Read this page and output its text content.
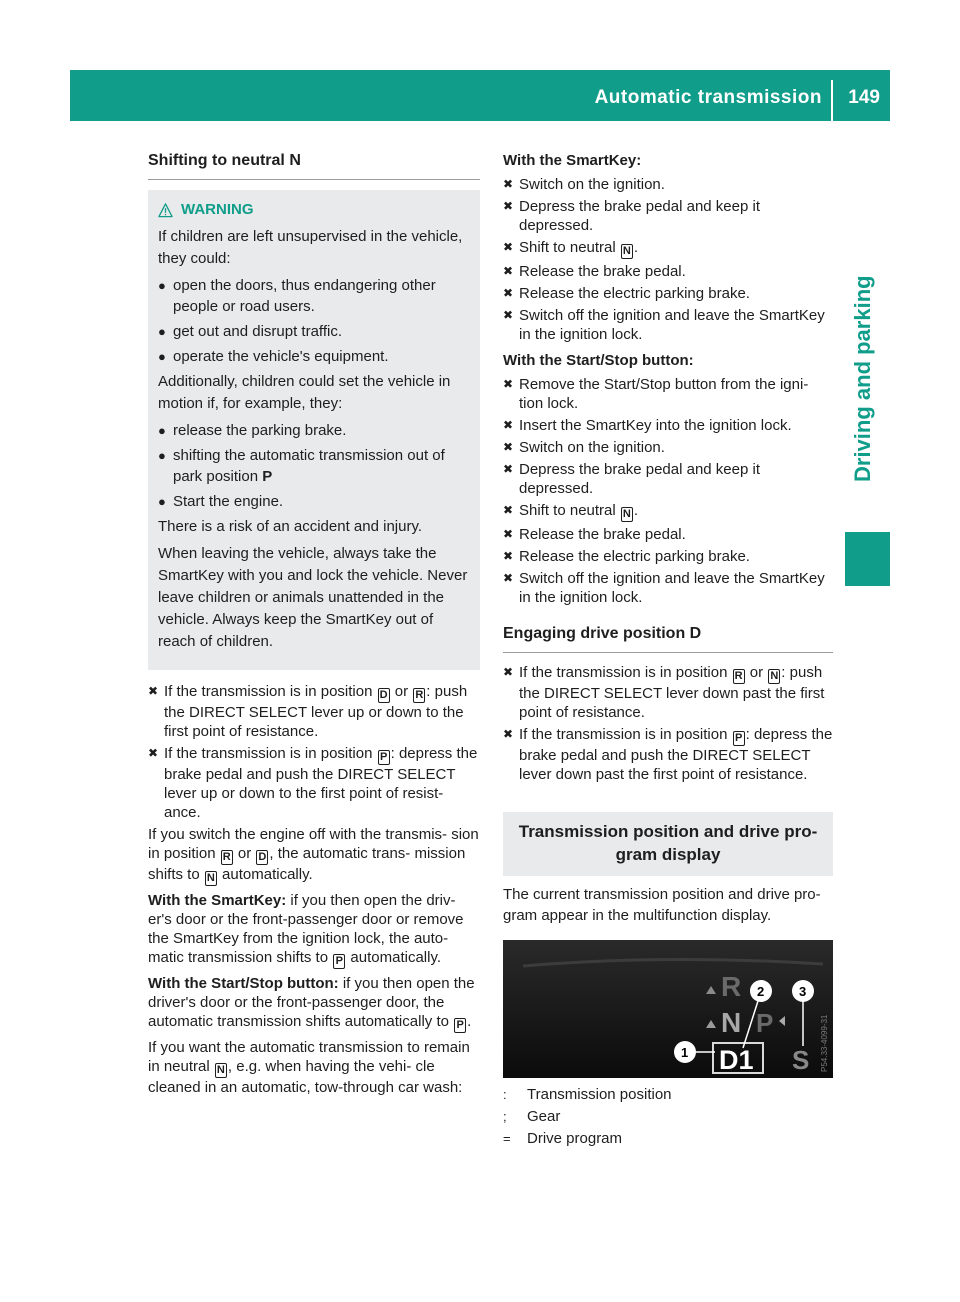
Automatic transmission 149
Driving and parking
Shifting to neutral N
WARNING

If children are left unsupervised in the vehicle, they could:

● open the doors, thus endangering other people or road users.
● get out and disrupt traffic.
● operate the vehicle's equipment.

Additionally, children could set the vehicle in motion if, for example, they:

● release the parking brake.
● shifting the automatic transmission out of park position P
● Start the engine.

There is a risk of an accident and injury.

When leaving the vehicle, always take the SmartKey with you and lock the vehicle. Never leave children or animals unattended in the vehicle. Always keep the SmartKey out of reach of children.

✖
If the transmission is in position D or R : push the DIRECT SELECT lever up or down to the first point of resistance.
✖
If the transmission is in position P : depress the brake pedal and push the DIRECT SELECT lever up or down to the first point of resist- ance.

If you switch the engine off with the transmis- sion in position R or D , the automatic trans- mission shifts to N automatically.

With the SmartKey: if you then open the driv- er's door or the front-passenger door or remove the SmartKey from the ignition lock, the auto- matic transmission shifts to P automatically.

With the Start/Stop button: if you then open the driver's door or the front-passenger door, the automatic transmission shifts automatically to P .

If you want the automatic transmission to remain in neutral N , e.g. when having the vehi- cle cleaned in an automatic, tow-through car wash:

With the SmartKey:
✖
Switch on the ignition.
✖
Depress the brake pedal and keep it depressed.
✖
Shift to neutral N .
✖
Release the brake pedal.
✖
Release the electric parking brake.
✖
Switch off the ignition and leave the SmartKey in the ignition lock.
With the Start/Stop button:
✖
Remove the Start/Stop button from the igni- tion lock.
✖
Insert the SmartKey into the ignition lock.
✖
Switch on the ignition.
✖
Depress the brake pedal and keep it depressed.
✖
Shift to neutral N .
✖
Release the brake pedal.
✖
Release the electric parking brake.
✖
Switch off the ignition and leave the SmartKey in the ignition lock.
Engaging drive position D
✖
If the transmission is in position R or N : push the DIRECT SELECT lever down past the first point of resistance.
✖
If the transmission is in position P : depress the brake pedal and push the DIRECT SELECT lever down past the first point of resistance.
Transmission position and drive pro- gram display

The current transmission position and drive pro- gram appear in the multifunction display.

R
N P
D1 S
1
2	3
P54.33-4099-31
:	Transmission position
;	Gear
=	Drive program
